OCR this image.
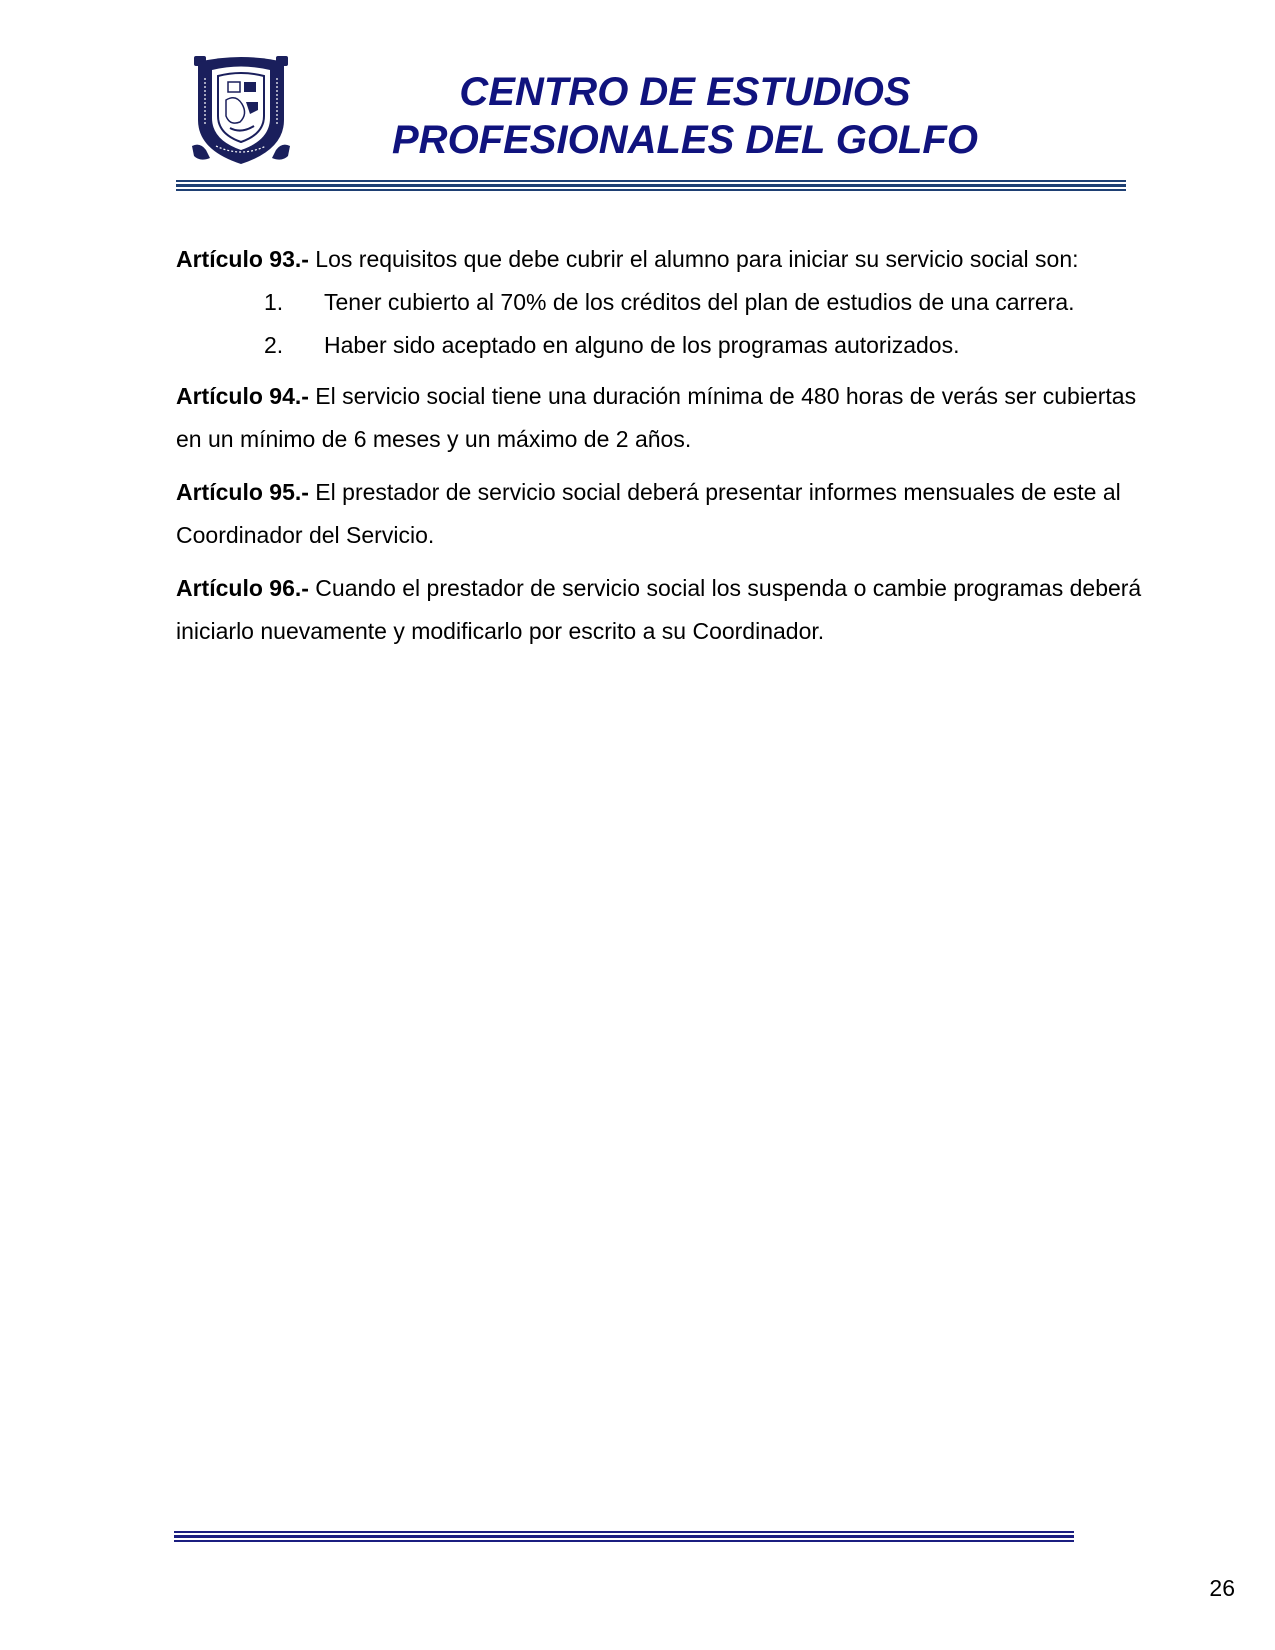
CENTRO DE ESTUDIOS
PROFESIONALES DEL GOLFO

Artículo 93.- Los requisitos que debe cubrir el alumno para iniciar su servicio social son:

1. Tener cubierto al 70% de los créditos del plan de estudios de una carrera.
2. Haber sido aceptado en alguno de los programas autorizados.

Artículo 94.- El servicio social tiene una duración mínima de 480 horas de verás ser cubiertas en un mínimo de 6 meses y un máximo de 2 años.

Artículo 95.- El prestador de servicio social deberá presentar informes mensuales de este al Coordinador del Servicio.

Artículo 96.- Cuando el prestador de servicio social los suspenda o cambie programas deberá iniciarlo nuevamente y modificarlo por escrito a su Coordinador.

26
